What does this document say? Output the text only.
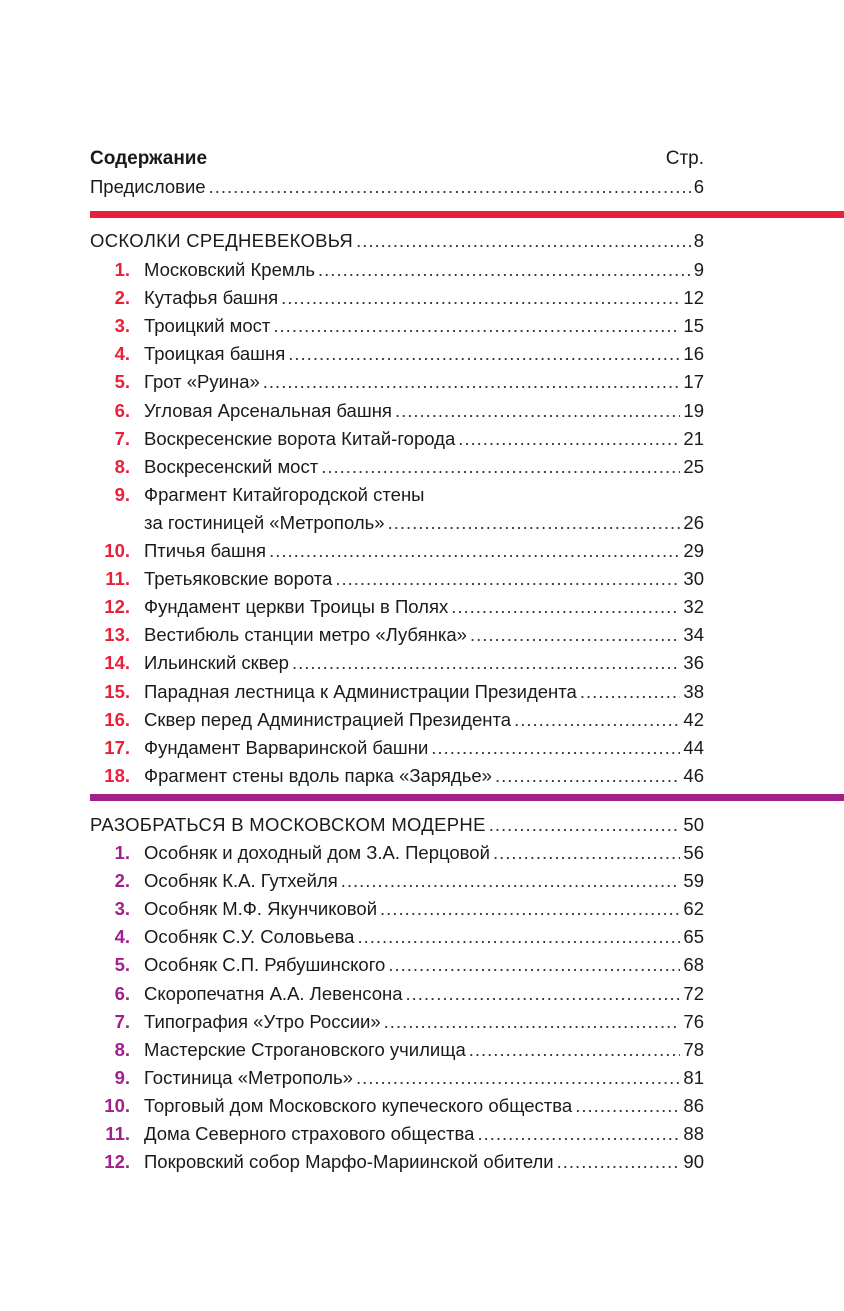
Содержание	Стр.
Предисловие .....	6
ОСКОЛКИ СРЕДНЕВЕКОВЬЯ .....	8
1. Московский Кремль .....	9
2. Кутафья башня .....	12
3. Троицкий мост .....	15
4. Троицкая башня .....	16
5. Грот «Руина» .....	17
6. Угловая Арсенальная башня .....	19
7. Воскресенские ворота Китай-города .....	21
8. Воскресенский мост .....	25
9. Фрагмент Китайгородской стены
за гостиницей «Метрополь» .....	26
10. Птичья башня .....	29
11. Третьяковские ворота .....	30
12. Фундамент церкви Троицы в Полях .....	32
13. Вестибюль станции метро «Лубянка» .....	34
14. Ильинский сквер .....	36
15. Парадная лестница к Администрации Президента .....	38
16. Сквер перед Администрацией Президента .....	42
17. Фундамент Варваринской башни .....	44
18. Фрагмент стены вдоль парка «Зарядье» .....	46
РАЗОБРАТЬСЯ В МОСКОВСКОМ МОДЕРНЕ .....	50
1. Особняк и доходный дом З.А. Перцовой .....	56
2. Особняк К.А. Гутхейля .....	59
3. Особняк М.Ф. Якунчиковой .....	62
4. Особняк С.У. Соловьева .....	65
5. Особняк С.П. Рябушинского .....	68
6. Скоропечатня А.А. Левенсона .....	72
7. Типография «Утро России» .....	76
8. Мастерские Строгановского училища .....	78
9. Гостиница «Метрополь» .....	81
10. Торговый дом Московского купеческого общества .....	86
11. Дома Северного страхового общества .....	88
12. Покровский собор Марфо-Мариинской обители .....	90
